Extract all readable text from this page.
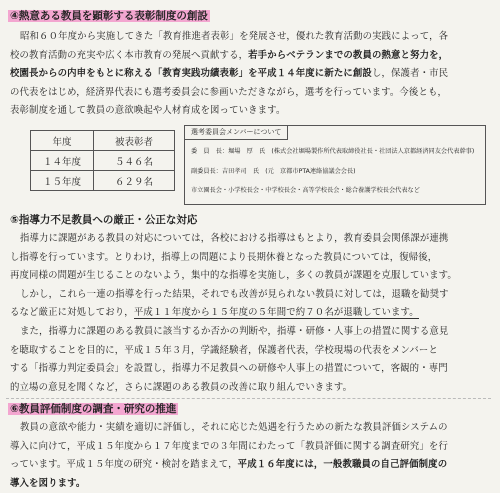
④熱意ある教員を顕彰する表彰制度の創設
昭和６０年度から実施してきた「教育推進者表彰」を発展させ，優れた教育活動の実践によって，各
校の教育活動の充実や広く本市教育の発展へ貢献する，若手からベテランまでの教員の熱意と努力を，
校園長からの内申をもとに称える「教育実践功績表彰」を平成１４年度に新たに創設し，保護者・市民
の代表をはじめ，経済界代表にも選考委員会に参画いただきながら，選考を行っています。今後とも，
表彰制度を通して教員の意欲喚起や人材育成を図っていきます。
年度	被表彰者
１４年度	５４６名
１５年度	６２９名
選考委員会メンバーについて
委　員　長：堀場　厚　氏　(株式会社堀場製作所代表取締役社長・社団法人京都経済同友会代表幹事)
副委員長：吉田孝司　氏　(元　京都市PTA連絡協議会会長)
市立園長会・小学校長会・中学校長会・高等学校長会・総合養護学校長会代表など
⑤指導力不足教員への厳正・公正な対応
指導力に課題がある教員の対応については，各校における指導はもとより，教育委員会関係課が連携
し指導を行っています。とりわけ，指導上の問題により長期休養となった教員については，復帰後，
再度同様の問題が生じることのないよう，集中的な指導を実施し，多くの教員が課題を克服しています。
しかし，これら一連の指導を行った結果，それでも改善が見られない教員に対しては，退職を勧奨す
るなど厳正に対処しており，平成１１年度から１５年度の５年間で約７０名が退職しています。
また，指導力に課題のある教員に該当するか否かの判断や，指導・研修・人事上の措置に関する意見
を聴取することを目的に，平成１５年３月，学識経験者，保護者代表，学校現場の代表をメンバーと
する「指導力判定委員会」を設置し，指導力不足教員への研修や人事上の措置について，客観的・専門
的立場の意見を聞くなど，さらに課題のある教員の改善に取り組んでいきます。
⑥教員評価制度の調査・研究の推進
教員の意欲や能力・実績を適切に評価し，それに応じた処遇を行うための新たな教員評価システムの
導入に向けて，平成１５年度から１７年度までの３年間にわたって「教員評価に関する調査研究」を行
っています。平成１５年度の研究・検討を踏まえて，平成１６年度には，一般教職員の自己評価制度の
導入を図ります。
